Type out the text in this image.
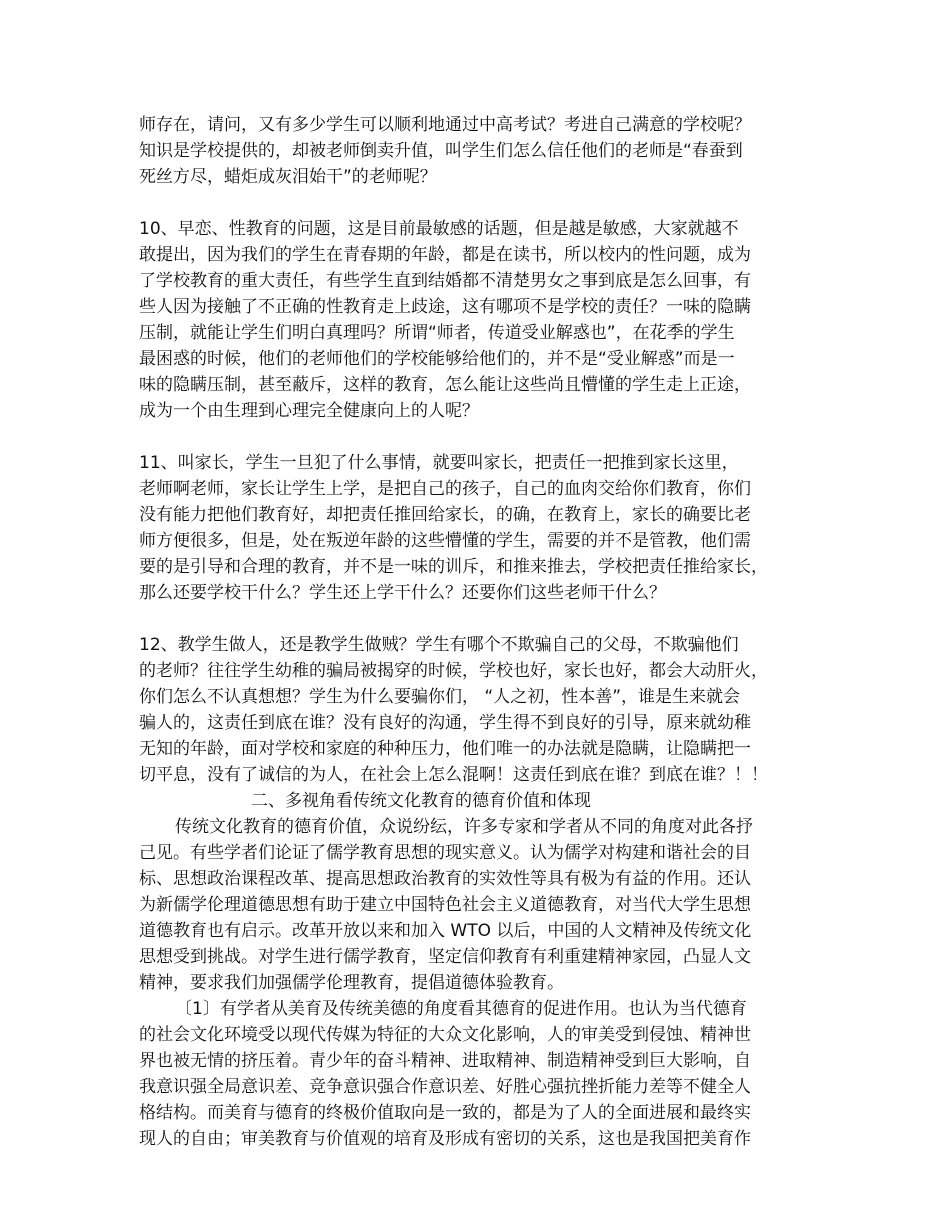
师存在，请问，又有多少学生可以顺利地通过中高考试？考进自己满意的学校呢？
知识是学校提供的，却被老师倒卖升值，叫学生们怎么信任他们的老师是“春蚕到
死丝方尽，蜡炬成灰泪始干”的老师呢？
10、早恋、性教育的问题，这是目前最敏感的话题，但是越是敏感，大家就越不
敢提出，因为我们的学生在青春期的年龄，都是在读书，所以校内的性问题，成为
了学校教育的重大责任，有些学生直到结婚都不清楚男女之事到底是怎么回事，有
些人因为接触了不正确的性教育走上歧途，这有哪项不是学校的责任？一味的隐瞒
压制，就能让学生们明白真理吗？所谓“师者，传道受业解惑也”，在花季的学生
最困惑的时候，他们的老师他们的学校能够给他们的，并不是“受业解惑”而是一
味的隐瞒压制，甚至蔽斥，这样的教育，怎么能让这些尚且懵懂的学生走上正途，
成为一个由生理到心理完全健康向上的人呢？
11、叫家长，学生一旦犯了什么事情，就要叫家长，把责任一把推到家长这里，
老师啊老师，家长让学生上学，是把自己的孩子，自己的血肉交给你们教育，你们
没有能力把他们教育好，却把责任推回给家长，的确，在教育上，家长的确要比老
师方便很多，但是，处在叛逆年龄的这些懵懂的学生，需要的并不是管教，他们需
要的是引导和合理的教育，并不是一味的训斥，和推来推去，学校把责任推给家长，
那么还要学校干什么？学生还上学干什么？还要你们这些老师干什么？
12、教学生做人，还是教学生做贼？学生有哪个不欺骗自己的父母，不欺骗他们
的老师？往往学生幼稚的骗局被揭穿的时候，学校也好，家长也好，都会大动肝火，
你们怎么不认真想想？学生为什么要骗你们， “人之初，性本善”，谁是生来就会
骗人的，这责任到底在谁？没有良好的沟通，学生得不到良好的引导，原来就幼稚
无知的年龄，面对学校和家庭的种种压力，他们唯一的办法就是隐瞒，让隐瞒把一
切平息，没有了诚信的为人，在社会上怎么混啊！这责任到底在谁？到底在谁？！！
二、多视角看传统文化教育的德育价值和体现
传统文化教育的德育价值，众说纷纭，许多专家和学者从不同的角度对此各抒
己见。有些学者们论证了儒学教育思想的现实意义。认为儒学对构建和谐社会的目
标、思想政治课程改革、提高思想政治教育的实效性等具有极为有益的作用。还认
为新儒学伦理道德思想有助于建立中国特色社会主义道德教育，对当代大学生思想
道德教育也有启示。改革开放以来和加入 WTO 以后，中国的人文精神及传统文化
思想受到挑战。对学生进行儒学教育，坚定信仰教育有利重建精神家园，凸显人文
精神，要求我们加强儒学伦理教育，提倡道德体验教育。
〔1〕有学者从美育及传统美德的角度看其德育的促进作用。也认为当代德育
的社会文化环境受以现代传媒为特征的大众文化影响，人的审美受到侵蚀、精神世
界也被无情的挤压着。青少年的奋斗精神、进取精神、制造精神受到巨大影响，自
我意识强全局意识差、竞争意识强合作意识差、好胜心强抗挫折能力差等不健全人
格结构。而美育与德育的终极价值取向是一致的，都是为了人的全面进展和最终实
现人的自由；审美教育与价值观的培育及形成有密切的关系，这也是我国把美育作
